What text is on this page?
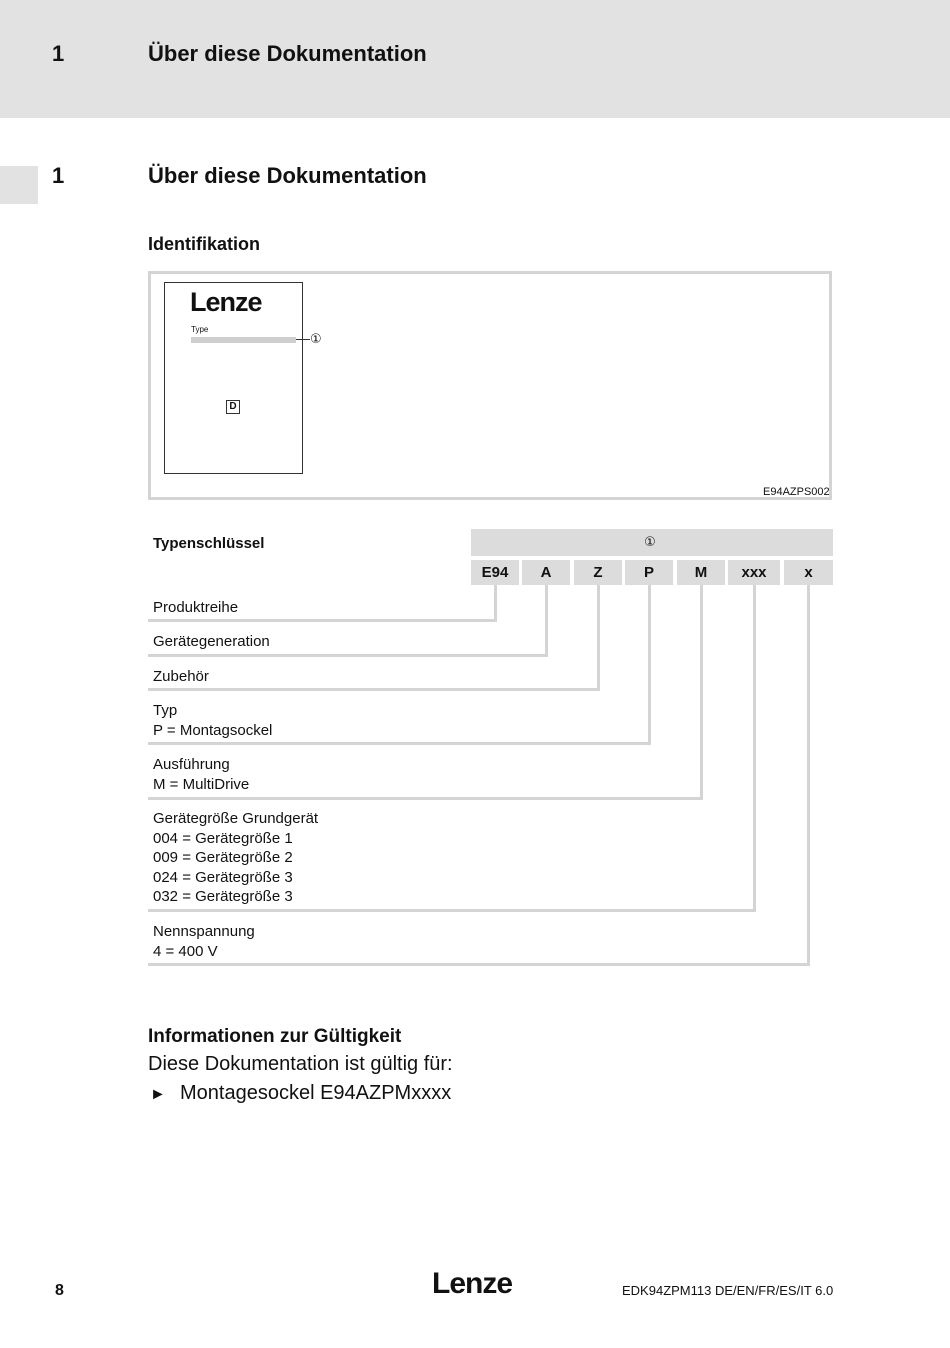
1	Über diese Dokumentation
1	Über diese Dokumentation
Identifikation
Lenze
Type
①
D
E94AZPS002
Typenschlüssel	①
E94	A	Z	P	M	xxx	x
Produktreihe
Gerätegeneration
Zubehör
Typ
P = Montagsockel
Ausführung
M = MultiDrive
Gerätegröße Grundgerät
004 = Gerätegröße 1
009 = Gerätegröße 2
024 = Gerätegröße 3
032 = Gerätegröße 3
Nennspannung
4 = 400 V
Informationen zur Gültigkeit
Diese Dokumentation ist gültig für:
► Montagesockel E94AZPMxxxx
8	Lenze	EDK94ZPM113 DE/EN/FR/ES/IT 6.0
